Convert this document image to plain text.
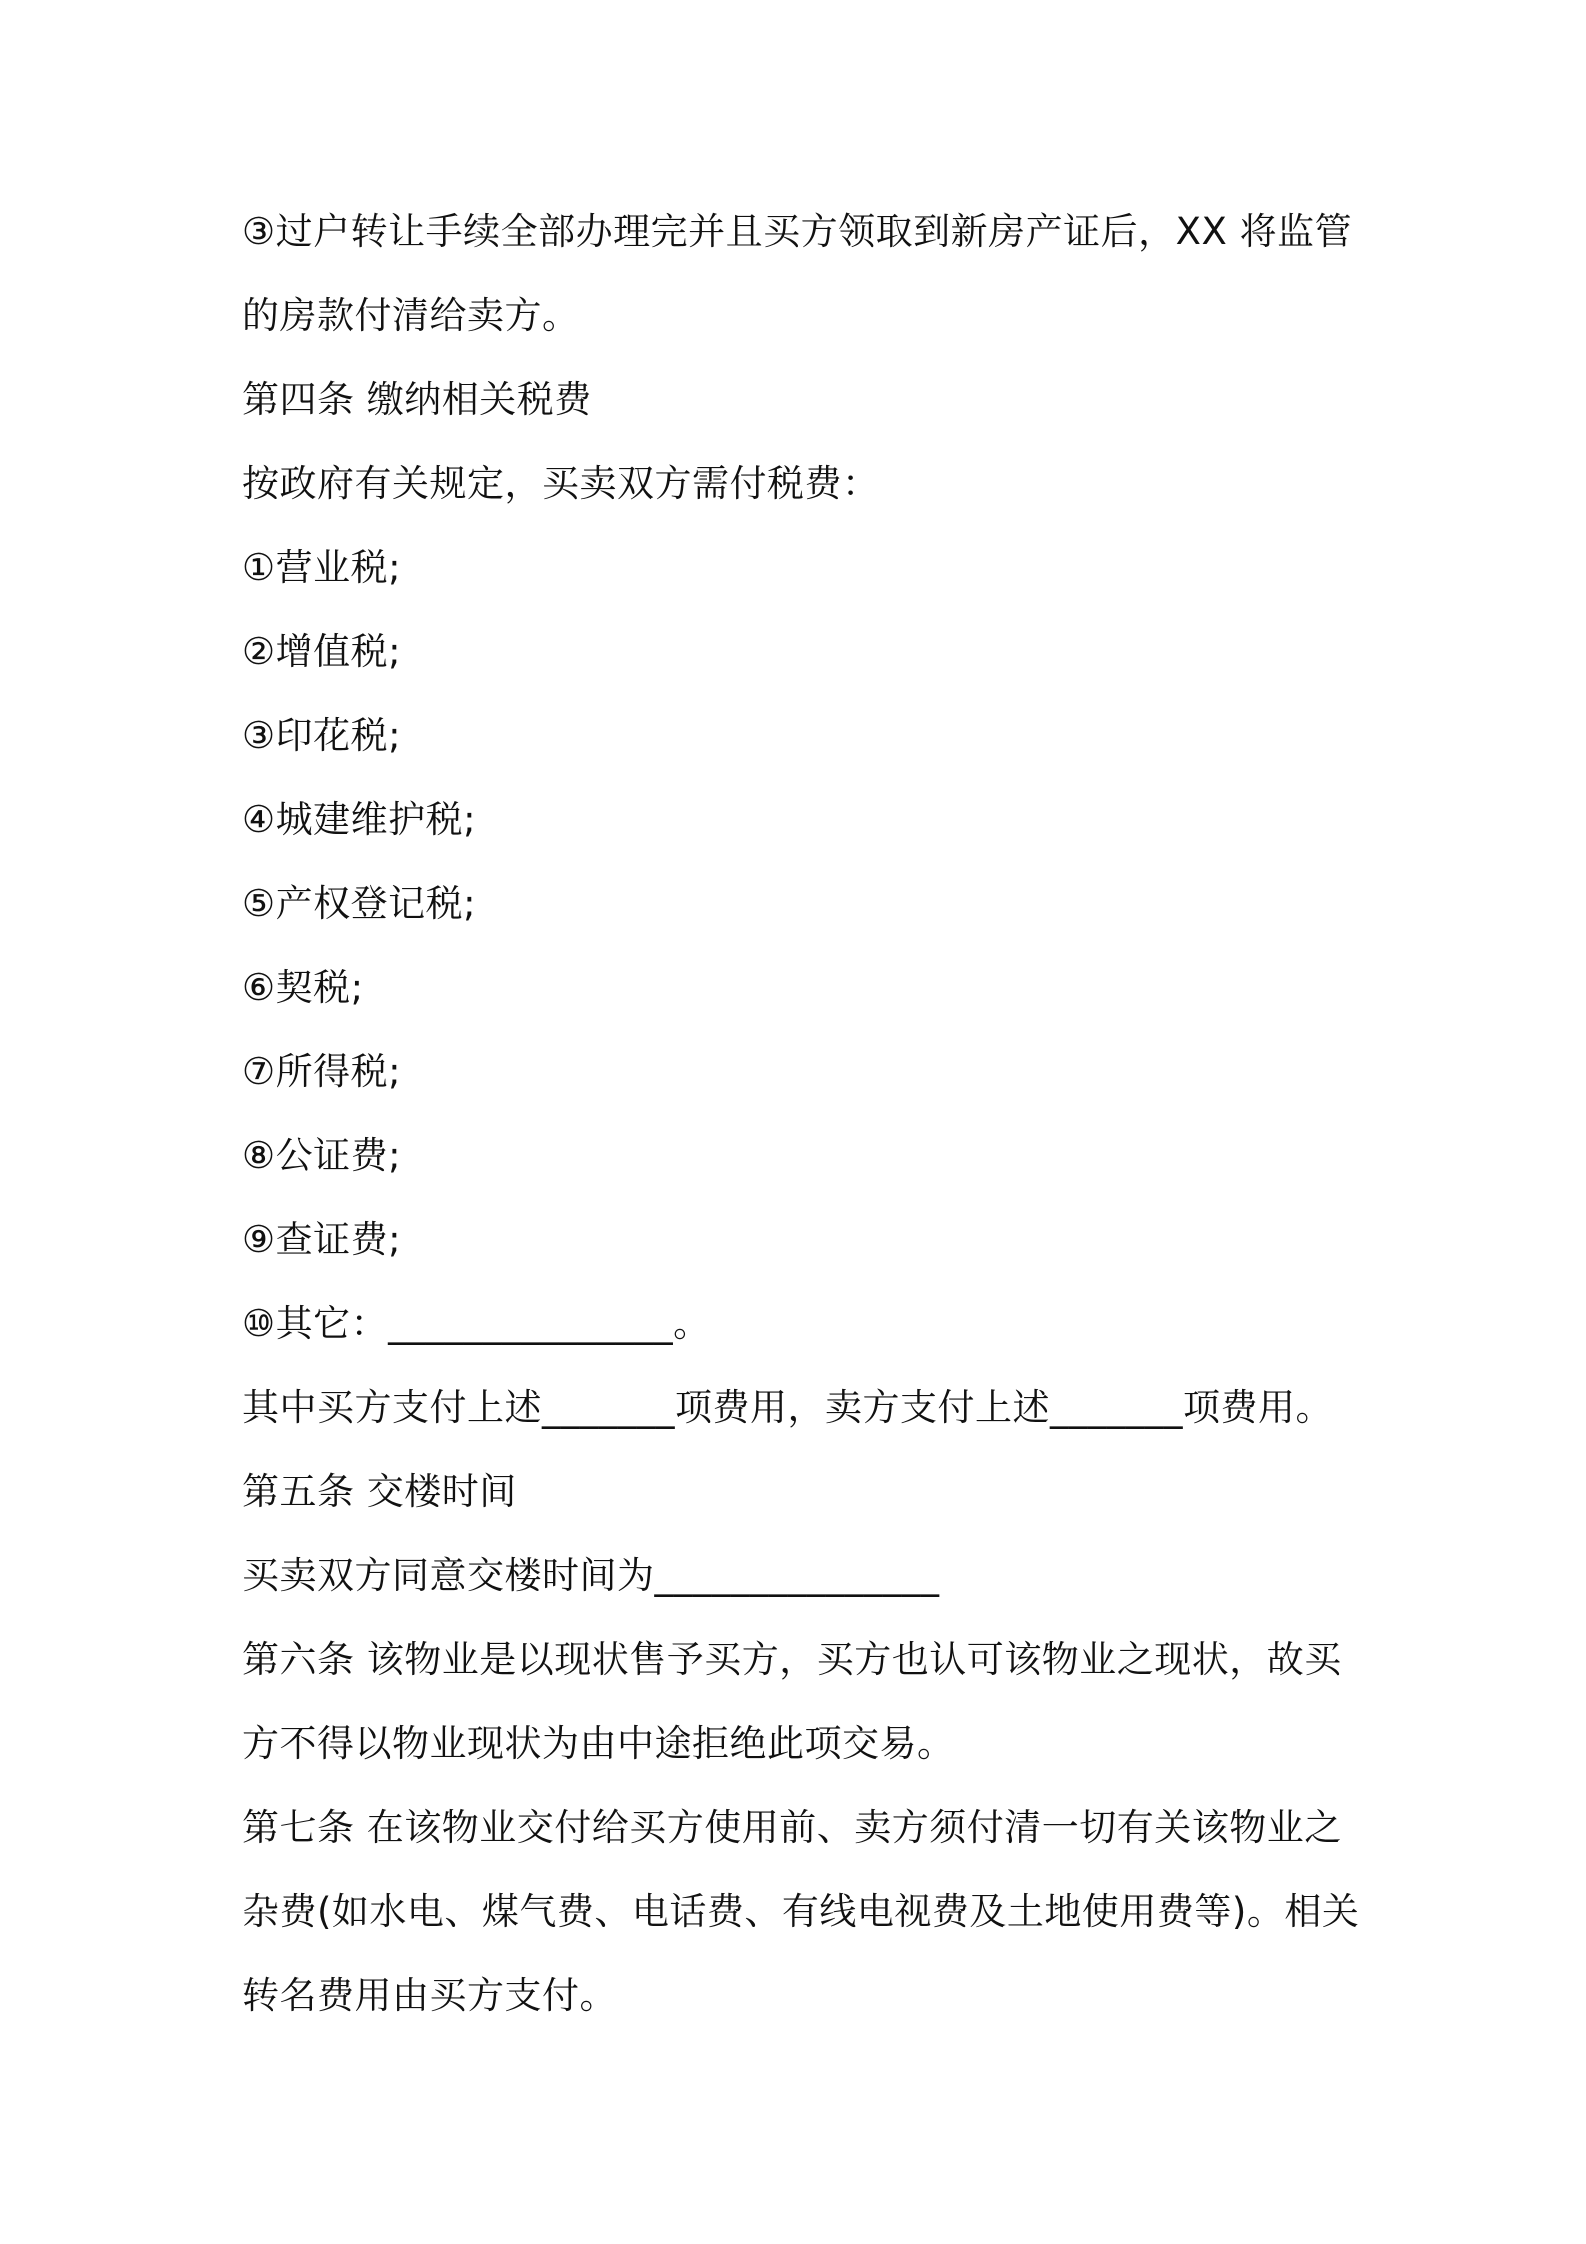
③过户转让手续全部办理完并且买方领取到新房产证后，XX 将监管
的房款付清给卖方。
第四条 缴纳相关税费
按政府有关规定，买卖双方需付税费：
①营业税;
②增值税;
③印花税;
④城建维护税;
⑤产权登记税;
⑥契税;
⑦所得税;
⑧公证费;
⑨查证费;
⑩其它：_______________。
其中买方支付上述_______项费用，卖方支付上述_______项费用。
第五条 交楼时间
买卖双方同意交楼时间为_______________
第六条 该物业是以现状售予买方，买方也认可该物业之现状，故买
方不得以物业现状为由中途拒绝此项交易。
第七条 在该物业交付给买方使用前、卖方须付清一切有关该物业之
杂费(如水电、煤气费、电话费、有线电视费及土地使用费等)。相关
转名费用由买方支付。
